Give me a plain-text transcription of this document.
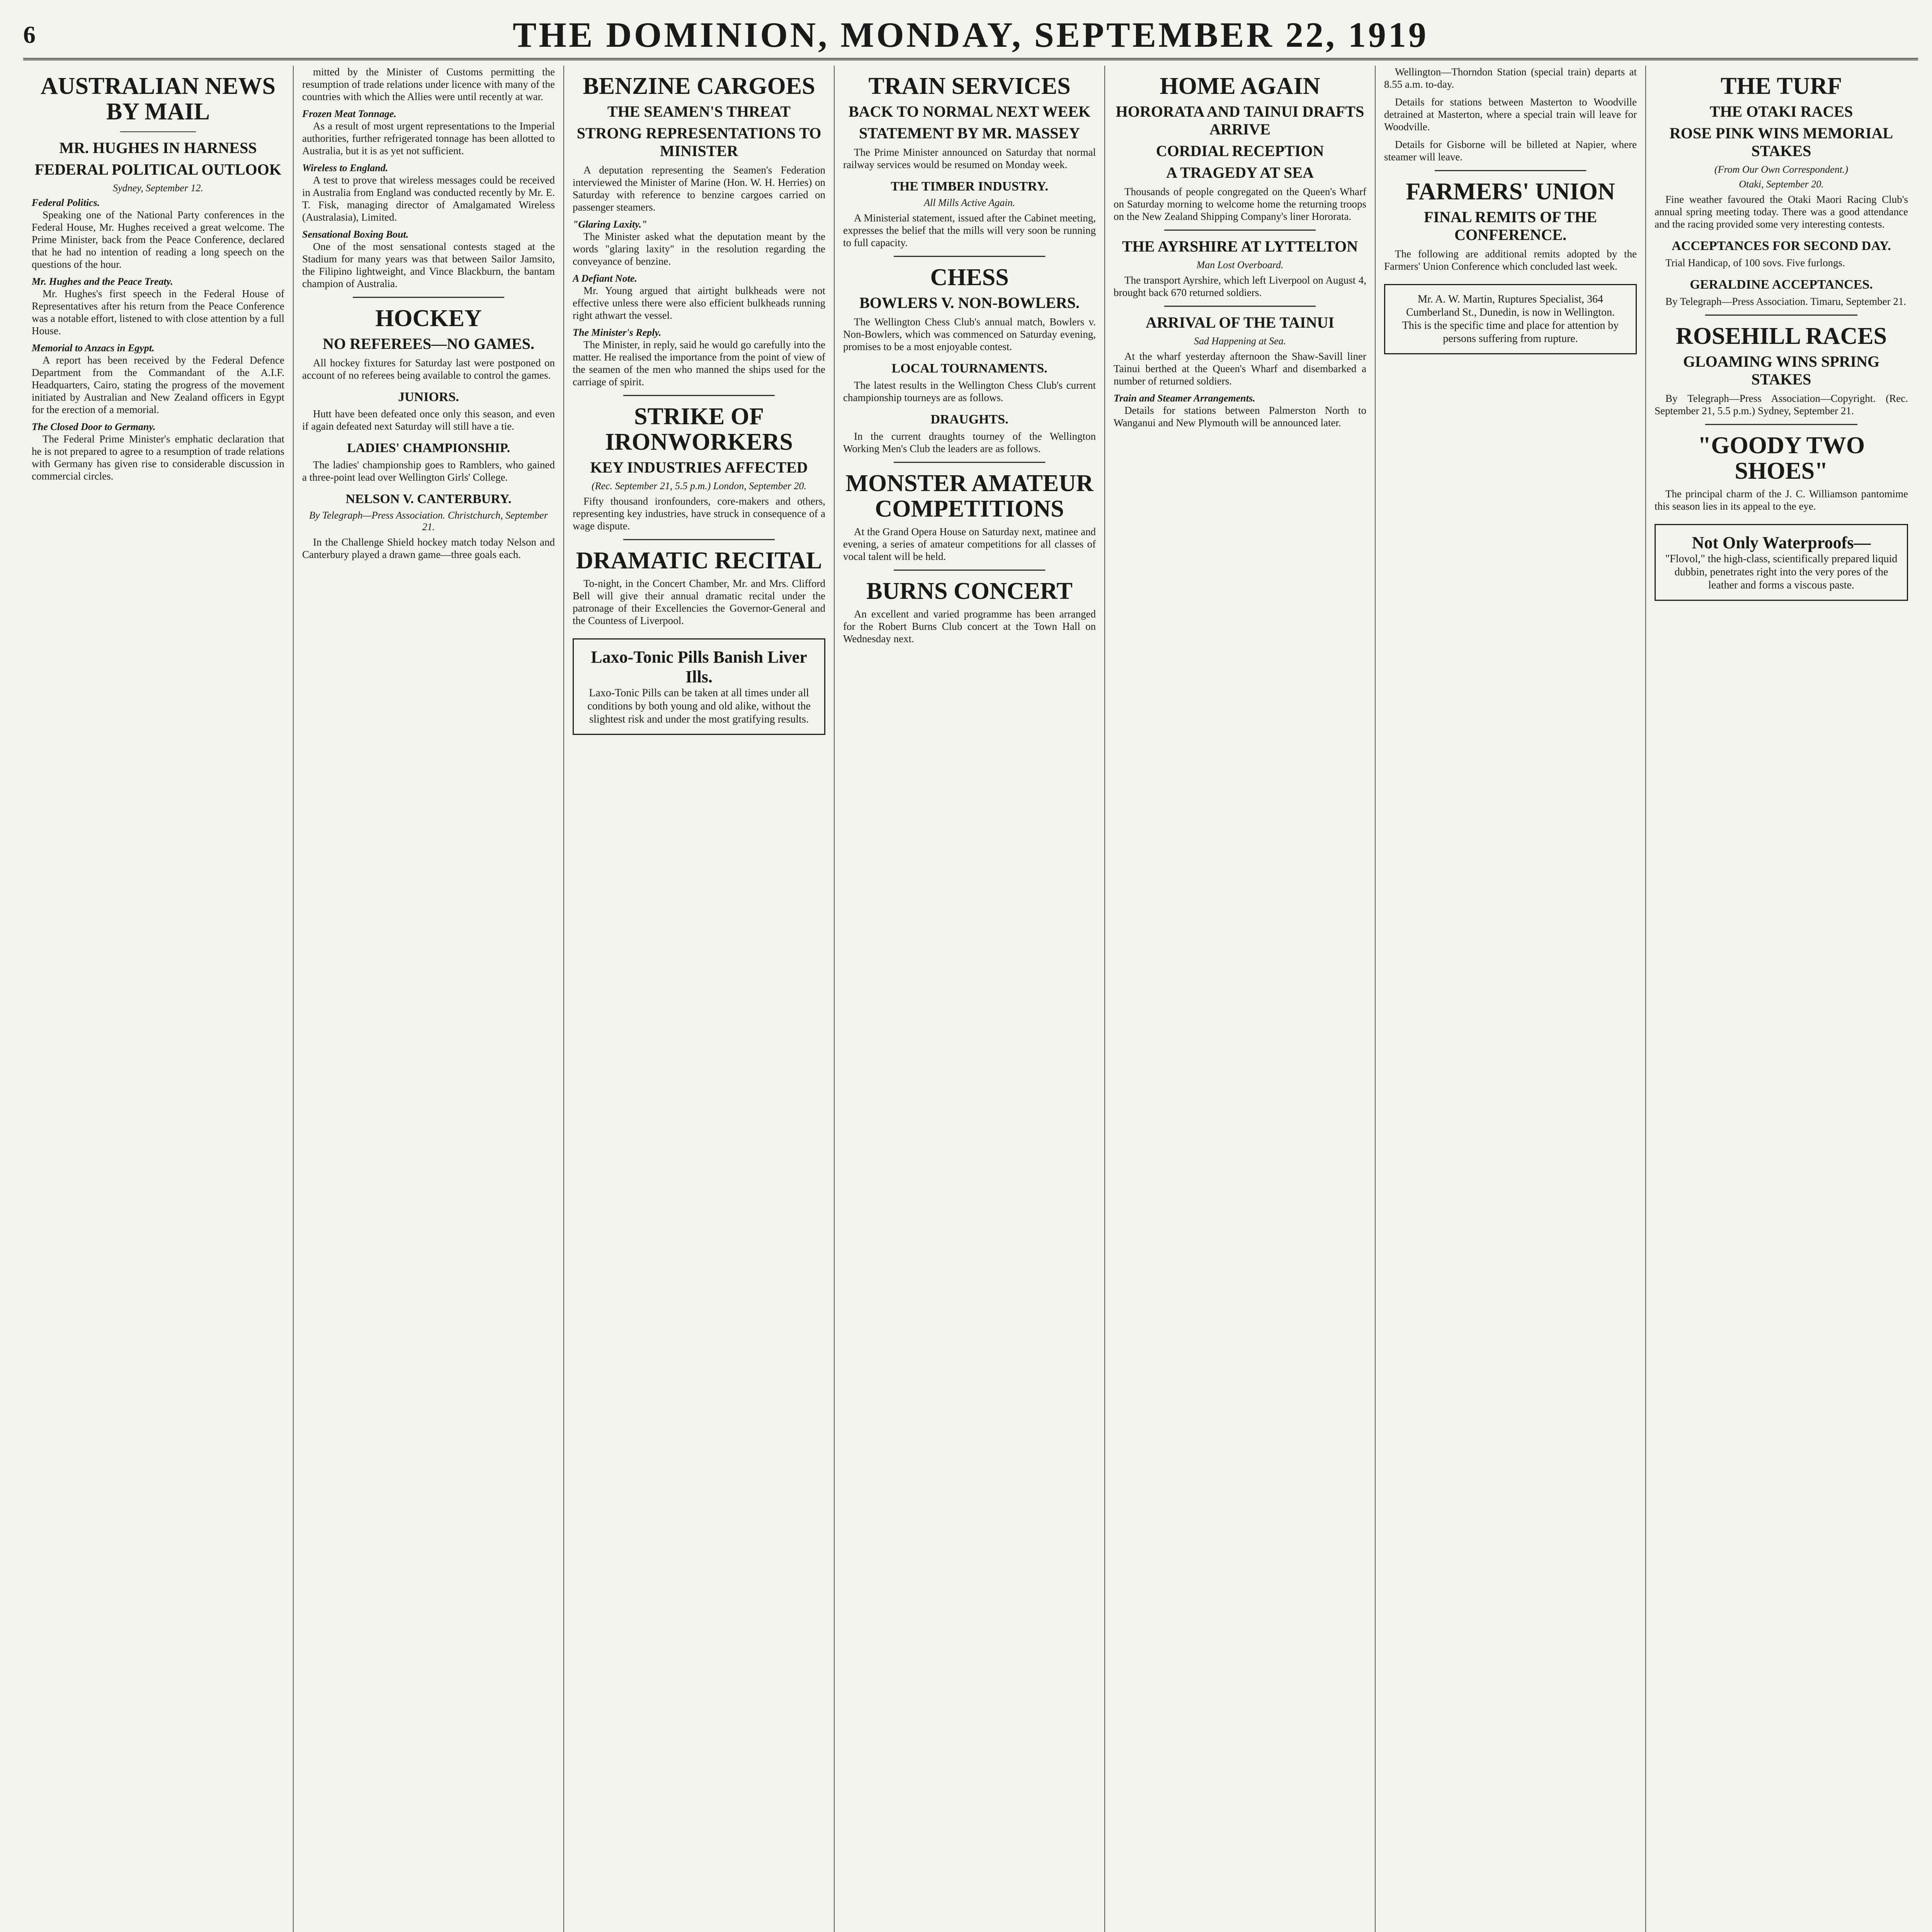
6	THE DOMINION, MONDAY, SEPTEMBER 22, 1919
AUSTRALIAN NEWS BY MAIL
MR. HUGHES IN HARNESS
FEDERAL POLITICAL OUTLOOK
Sydney, September 12.
Federal Politics.

Speaking one of the National Party conferences in the Federal House, Mr. Hughes received a great welcome. The Prime Minister, back from the Peace Conference, declared that he had no intention of reading a long speech on the questions of the hour.

Mr. Hughes and the Peace Treaty.

Mr. Hughes's first speech in the Federal House of Representatives after his return from the Peace Conference was a notable effort, listened to with close attention by a full House.

Memorial to Anzacs in Egypt.

A report has been received by the Federal Defence Department from the Commandant of the A.I.F. Headquarters, Cairo, stating the progress of the movement initiated by Australian and New Zealand officers in Egypt for the erection of a memorial.

The Closed Door to Germany.

The Federal Prime Minister's emphatic declaration that he is not prepared to agree to a resumption of trade relations with Germany has given rise to considerable discussion in commercial circles.

mitted by the Minister of Customs permitting the resumption of trade relations under licence with many of the countries with which the Allies were until recently at war.

Frozen Meat Tonnage.

As a result of most urgent representations to the Imperial authorities, further refrigerated tonnage has been allotted to Australia, but it is as yet not sufficient.

Wireless to England.

A test to prove that wireless messages could be received in Australia from England was conducted recently by Mr. E. T. Fisk, managing director of Amalgamated Wireless (Australasia), Limited.

Sensational Boxing Bout.

One of the most sensational contests staged at the Stadium for many years was that between Sailor Jamsito, the Filipino lightweight, and Vince Blackburn, the bantam champion of Australia.

HOCKEY
NO REFEREES—NO GAMES.

All hockey fixtures for Saturday last were postponed on account of no referees being available to control the games.

JUNIORS.

Hutt have been defeated once only this season, and even if again defeated next Saturday will still have a tie.

LADIES' CHAMPIONSHIP.

The ladies' championship goes to Ramblers, who gained a three-point lead over Wellington Girls' College.

NELSON V. CANTERBURY.
By Telegraph—Press Association. Christchurch, September 21.

In the Challenge Shield hockey match today Nelson and Canterbury played a drawn game—three goals each.

BENZINE CARGOES
THE SEAMEN'S THREAT
STRONG REPRESENTATIONS TO MINISTER

A deputation representing the Seamen's Federation interviewed the Minister of Marine (Hon. W. H. Herries) on Saturday with reference to benzine cargoes carried on passenger steamers.

"Glaring Laxity."

The Minister asked what the deputation meant by the words "glaring laxity" in the resolution regarding the conveyance of benzine.

A Defiant Note.

Mr. Young argued that airtight bulkheads were not effective unless there were also efficient bulkheads running right athwart the vessel.

The Minister's Reply.

The Minister, in reply, said he would go carefully into the matter. He realised the importance from the point of view of the seamen of the men who manned the ships used for the carriage of spirit.

STRIKE OF IRONWORKERS
KEY INDUSTRIES AFFECTED
(Rec. September 21, 5.5 p.m.) London, September 20.

Fifty thousand ironfounders, core-makers and others, representing key industries, have struck in consequence of a wage dispute.

DRAMATIC RECITAL

To-night, in the Concert Chamber, Mr. and Mrs. Clifford Bell will give their annual dramatic recital under the patronage of their Excellencies the Governor-General and the Countess of Liverpool.

Laxo-Tonic Pills Banish Liver Ills.
Laxo-Tonic Pills can be taken at all times under all conditions by both young and old alike, without the slightest risk and under the most gratifying results.
TRAIN SERVICES
BACK TO NORMAL NEXT WEEK
STATEMENT BY MR. MASSEY

The Prime Minister announced on Saturday that normal railway services would be resumed on Monday week.

THE TIMBER INDUSTRY.
All Mills Active Again.

A Ministerial statement, issued after the Cabinet meeting, expresses the belief that the mills will very soon be running to full capacity.

CHESS
BOWLERS V. NON-BOWLERS.

The Wellington Chess Club's annual match, Bowlers v. Non-Bowlers, which was commenced on Saturday evening, promises to be a most enjoyable contest.

LOCAL TOURNAMENTS.

The latest results in the Wellington Chess Club's current championship tourneys are as follows.

DRAUGHTS.

In the current draughts tourney of the Wellington Working Men's Club the leaders are as follows.

MONSTER AMATEUR COMPETITIONS

At the Grand Opera House on Saturday next, matinee and evening, a series of amateur competitions for all classes of vocal talent will be held.

BURNS CONCERT

An excellent and varied programme has been arranged for the Robert Burns Club concert at the Town Hall on Wednesday next.

HOME AGAIN
HORORATA AND TAINUI DRAFTS ARRIVE
CORDIAL RECEPTION
A TRAGEDY AT SEA

Thousands of people congregated on the Queen's Wharf on Saturday morning to welcome home the returning troops on the New Zealand Shipping Company's liner Hororata.

THE AYRSHIRE AT LYTTELTON
Man Lost Overboard.

The transport Ayrshire, which left Liverpool on August 4, brought back 670 returned soldiers.

ARRIVAL OF THE TAINUI
Sad Happening at Sea.

At the wharf yesterday afternoon the Shaw-Savill liner Tainui berthed at the Queen's Wharf and disembarked a number of returned soldiers.

Train and Steamer Arrangements.

Details for stations between Palmerston North to Wanganui and New Plymouth will be announced later.

Wellington—Thorndon Station (special train) departs at 8.55 a.m. to-day.

Details for stations between Masterton to Woodville detrained at Masterton, where a special train will leave for Woodville.

Details for Gisborne will be billeted at Napier, where steamer will leave.

FARMERS' UNION
FINAL REMITS OF THE CONFERENCE.

The following are additional remits adopted by the Farmers' Union Conference which concluded last week.

Mr. A. W. Martin, Ruptures Specialist, 364 Cumberland St., Dunedin, is now in Wellington.
This is the specific time and place for attention by persons suffering from rupture.
THE TURF
THE OTAKI RACES
ROSE PINK WINS MEMORIAL STAKES
(From Our Own Correspondent.)
Otaki, September 20.

Fine weather favoured the Otaki Maori Racing Club's annual spring meeting today. There was a good attendance and the racing provided some very interesting contests.

ACCEPTANCES FOR SECOND DAY.

Trial Handicap, of 100 sovs. Five furlongs.

GERALDINE ACCEPTANCES.

By Telegraph—Press Association. Timaru, September 21.

ROSEHILL RACES
GLOAMING WINS SPRING STAKES

By Telegraph—Press Association—Copyright. (Rec. September 21, 5.5 p.m.) Sydney, September 21.

"GOODY TWO SHOES"

The principal charm of the J. C. Williamson pantomime this season lies in its appeal to the eye.

Not Only Waterproofs—
"Flovol," the high-class, scientifically prepared liquid dubbin, penetrates right into the very pores of the leather and forms a viscous paste.
